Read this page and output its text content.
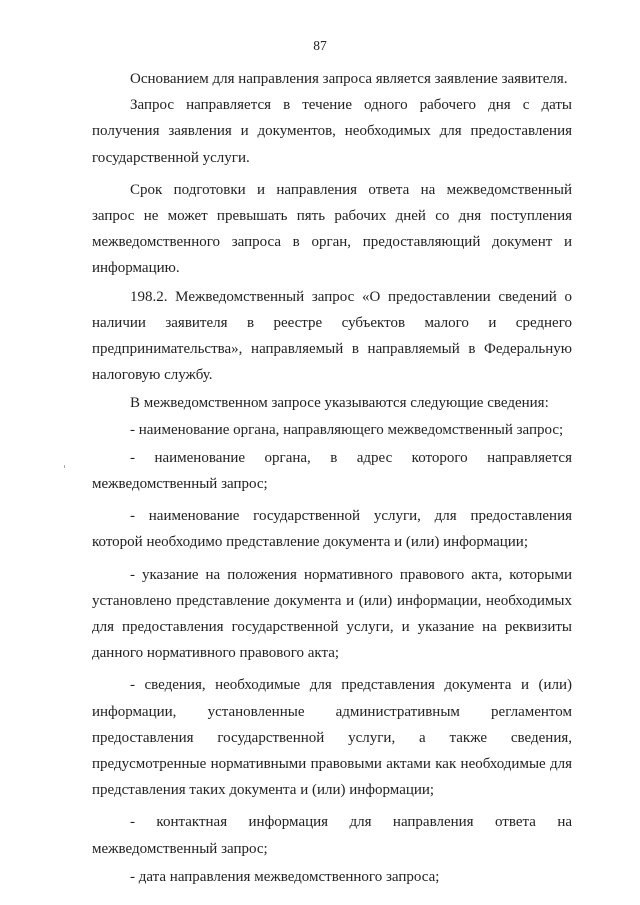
87

Основанием для направления запроса является заявление заявителя.

Запрос направляется в течение одного рабочего дня с даты получения заявления и документов, необходимых для предоставления государственной услуги.

Срок подготовки и направления ответа на межведомственный запрос не может превышать пять рабочих дней со дня поступления межведомственного запроса в орган, предоставляющий документ и информацию.

198.2. Межведомственный запрос «О предоставлении сведений о наличии заявителя в реестре субъектов малого и среднего предпринимательства», направляемый в направляемый в Федеральную налоговую службу.

В межведомственном запросе указываются следующие сведения:

- наименование органа, направляющего межведомственный запрос;

- наименование органа, в адрес которого направляется межведомственный запрос;

- наименование государственной услуги, для предоставления которой необходимо представление документа и (или) информации;

- указание на положения нормативного правового акта, которыми установлено представление документа и (или) информации, необходимых для предоставления государственной услуги, и указание на реквизиты данного нормативного правового акта;

- сведения, необходимые для представления документа и (или) информации, установленные административным регламентом предоставления государственной услуги, а также сведения, предусмотренные нормативными правовыми актами как необходимые для представления таких документа и (или) информации;

- контактная информация для направления ответа на межведомственный запрос;

- дата направления межведомственного запроса;
